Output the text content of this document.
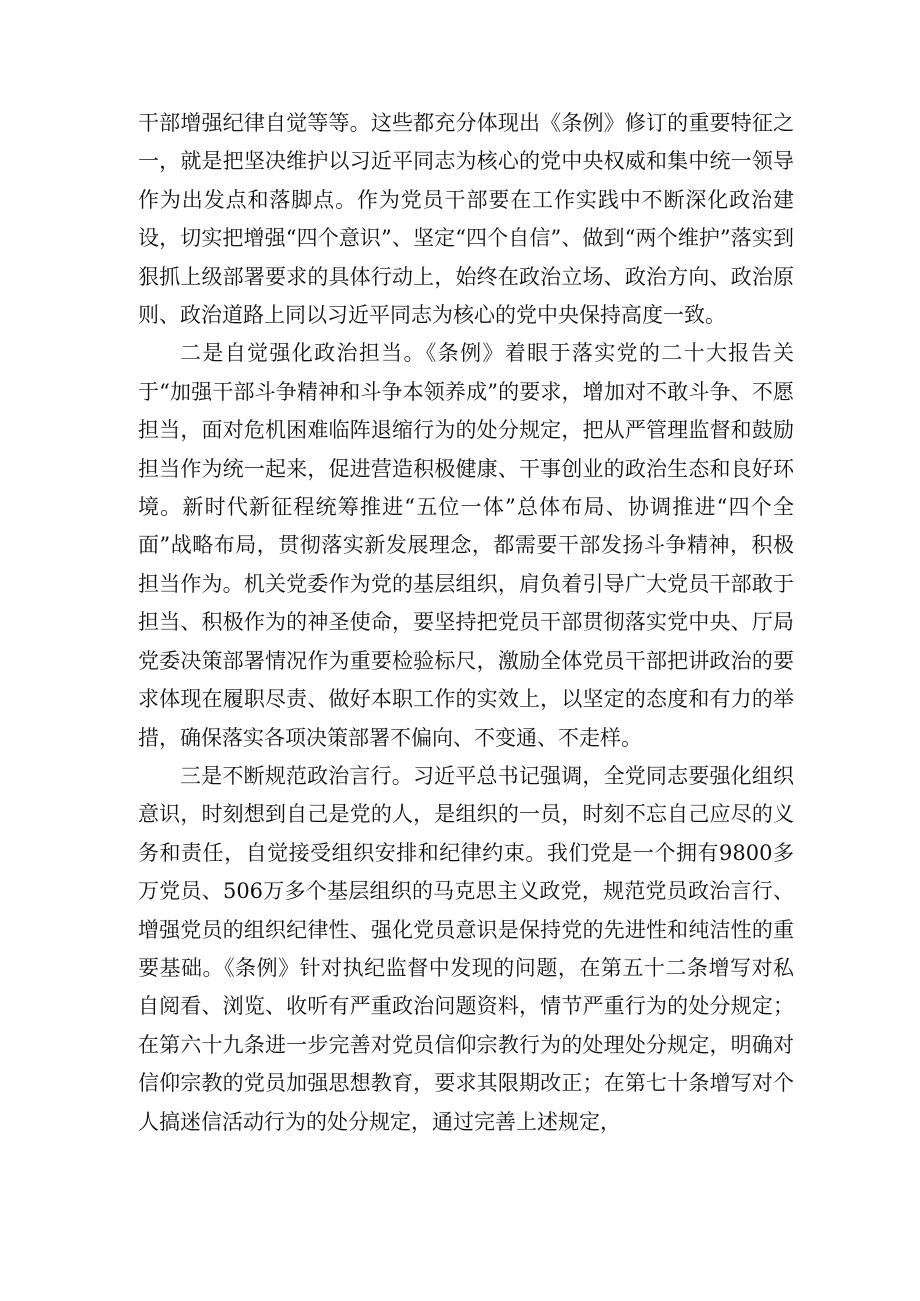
干部增强纪律自觉等等。这些都充分体现出《条例》修订的重要特征之一，就是把坚决维护以习近平同志为核心的党中央权威和集中统一领导作为出发点和落脚点。作为党员干部要在工作实践中不断深化政治建设，切实把增强“四个意识”、坚定“四个自信”、做到“两个维护”落实到狠抓上级部署要求的具体行动上，始终在政治立场、政治方向、政治原则、政治道路上同以习近平同志为核心的党中央保持高度一致。

二是自觉强化政治担当。《条例》着眼于落实党的二十大报告关于“加强干部斗争精神和斗争本领养成”的要求，增加对不敢斗争、不愿担当，面对危机困难临阵退缩行为的处分规定，把从严管理监督和鼓励担当作为统一起来，促进营造积极健康、干事创业的政治生态和良好环境。新时代新征程统筹推进“五位一体”总体布局、协调推进“四个全面”战略布局，贯彻落实新发展理念，都需要干部发扬斗争精神，积极担当作为。机关党委作为党的基层组织，肩负着引导广大党员干部敢于担当、积极作为的神圣使命，要坚持把党员干部贯彻落实党中央、厅局党委决策部署情况作为重要检验标尺，激励全体党员干部把讲政治的要求体现在履职尽责、做好本职工作的实效上，以坚定的态度和有力的举措，确保落实各项决策部署不偏向、不变通、不走样。

三是不断规范政治言行。习近平总书记强调，全党同志要强化组织意识，时刻想到自己是党的人，是组织的一员，时刻不忘自己应尽的义务和责任，自觉接受组织安排和纪律约束。我们党是一个拥有9800多万党员、506万多个基层组织的马克思主义政党，规范党员政治言行、增强党员的组织纪律性、强化党员意识是保持党的先进性和纯洁性的重要基础。《条例》针对执纪监督中发现的问题，在第五十二条增写对私自阅看、浏览、收听有严重政治问题资料，情节严重行为的处分规定；在第六十九条进一步完善对党员信仰宗教行为的处理处分规定，明确对信仰宗教的党员加强思想教育，要求其限期改正；在第七十条增写对个人搞迷信活动行为的处分规定，通过完善上述规定，
